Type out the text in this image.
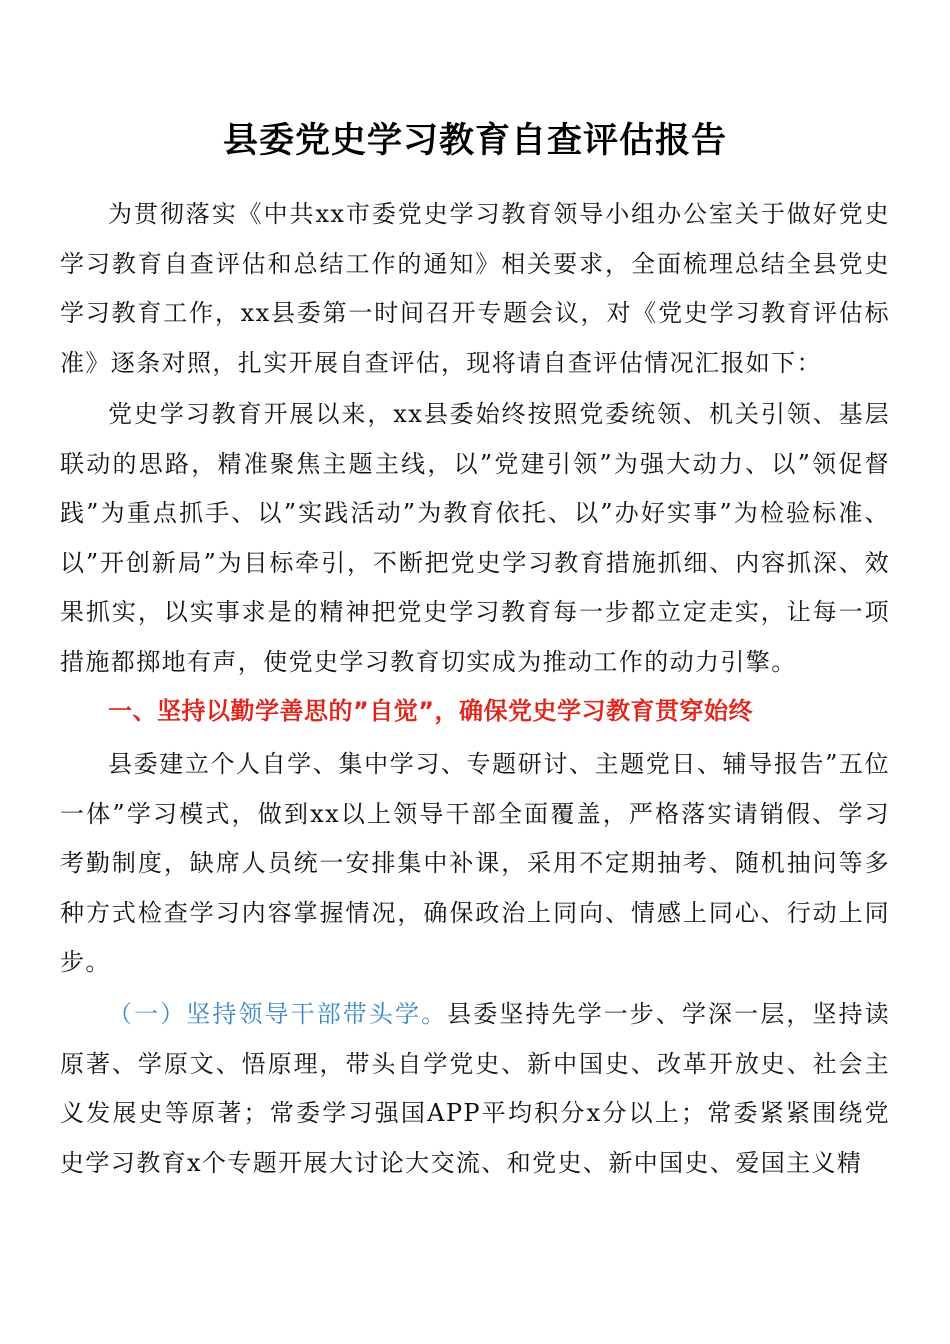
县委党史学习教育自查评估报告

为贯彻落实《中共xx市委党史学习教育领导小组办公室关于做好党史学习教育自查评估和总结工作的通知》相关要求，全面梳理总结全县党史学习教育工作，xx县委第一时间召开专题会议，对《党史学习教育评估标准》逐条对照，扎实开展自查评估，现将请自查评估情况汇报如下：

党史学习教育开展以来，xx县委始终按照党委统领、机关引领、基层联动的思路，精准聚焦主题主线，以”党建引领”为强大动力、以”领促督践”为重点抓手、以”实践活动”为教育依托、以”办好实事”为检验标准、以”开创新局”为目标牵引，不断把党史学习教育措施抓细、内容抓深、效果抓实，以实事求是的精神把党史学习教育每一步都立定走实，让每一项措施都掷地有声，使党史学习教育切实成为推动工作的动力引擎。

一、坚持以勤学善思的”自觉”，确保党史学习教育贯穿始终

县委建立个人自学、集中学习、专题研讨、主题党日、辅导报告”五位一体”学习模式，做到xx以上领导干部全面覆盖，严格落实请销假、学习考勤制度，缺席人员统一安排集中补课，采用不定期抽考、随机抽问等多种方式检查学习内容掌握情况，确保政治上同向、情感上同心、行动上同步。

（一）坚持领导干部带头学。县委坚持先学一步、学深一层，坚持读原著、学原文、悟原理，带头自学党史、新中国史、改革开放史、社会主义发展史等原著；常委学习强国APP平均积分x分以上；常委紧紧围绕党史学习教育x个专题开展大讨论大交流、和党史、新中国史、爱国主义精
